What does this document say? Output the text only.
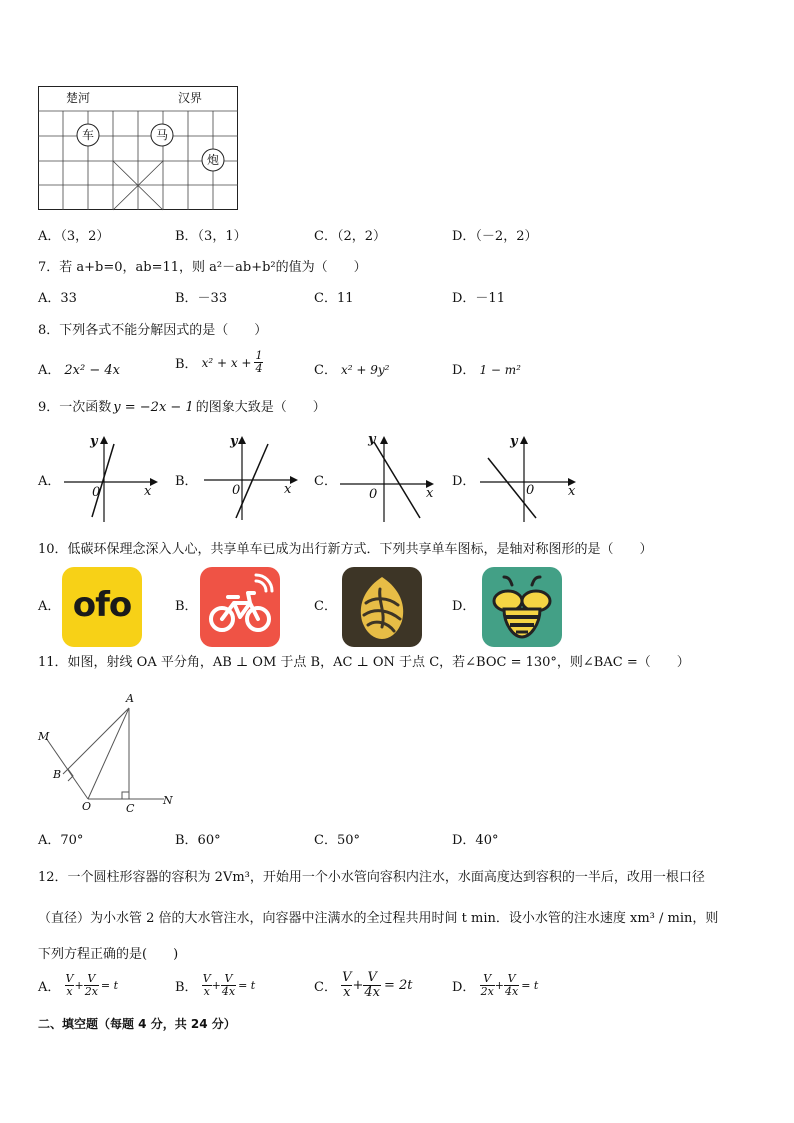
楚河	汉界
车	马
炮
A．（3，2）	B．（3，1）	C．（2，2）	D．（－2，2）
7．若 a+b=0，ab=11，则 a²－ab+b²的值为（　　）
A．33	B．－33	C．11	D．－11
8．下列各式不能分解因式的是（　　）
A． 2x² − 4x	B． $x^2 + x + \frac{1}{4}$	C． x² + 9y²	D． 1 − m²
9．一次函数 y = −2x − 1 的图象大致是（　　）
A．	B．	C．	D．
y
x
0
y
x
0
y
x
0
y
x
0
10．低碳环保理念深入人心，共享单车已成为出行新方式．下列共享单车图标，是轴对称图形的是（　　）
A．	B．	C．	D．
ofo
11．如图，射线 OA 平分角，AB ⊥ OM 于点 B，AC ⊥ ON 于点 C，若∠BOC = 130°，则∠BAC =（　　）
A
M
B
O	C
N
A．70°	B．60°	C．50°	D．40°
12．一个圆柱形容器的容积为 2Vm³，开始用一个小水管向容积内注水，水面高度达到容积的一半后，改用一根口径
（直径）为小水管 2 倍的大水管注水，向容器中注满水的全过程共用时间 t min．设小水管的注水速度 xm³ / min，则
下列方程正确的是(　　)
A． $\frac{V}{x} + \frac{V}{2x} = t$	B． $\frac{V}{x} + \frac{V}{4x} = t$	C． $\frac{V}{x} + \frac{V}{4x} = 2t$	D． $\frac{V}{2x} + \frac{V}{4x} = t$
二、填空题（每题 4 分，共 24 分）
